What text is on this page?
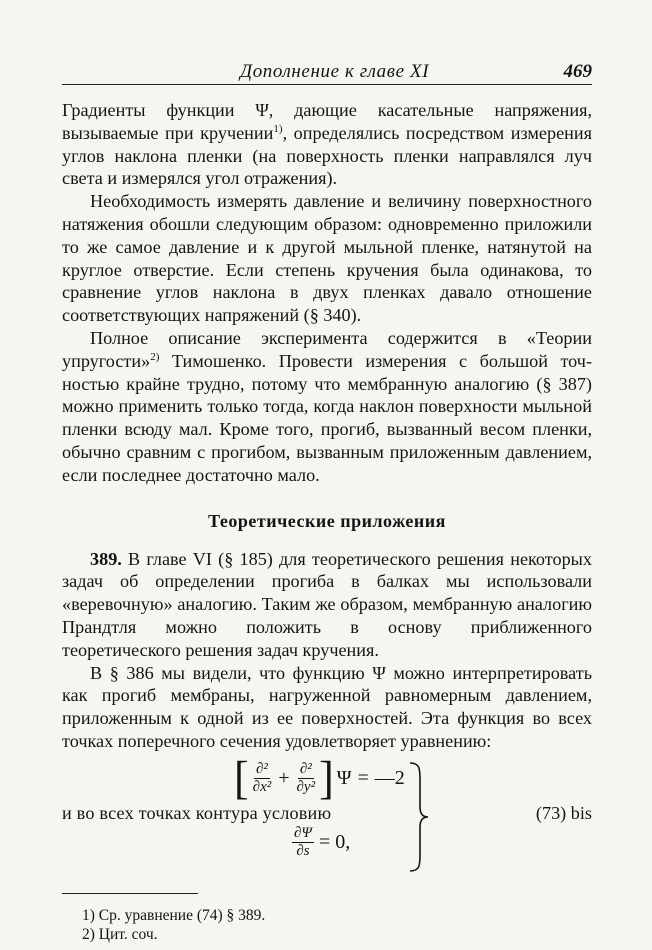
Дополнение к главе XI	469

Градиенты функции Ψ, дающие касательные напряжения, вызываемые при кручении$^{1)}$, определялись посредством измерения углов наклона пленки (на поверхность пленки направлялся луч света и измерялся угол отражения).

Необходимость измерять давление и величину поверхностного натяжения обошли следующим образом: одновременно приложили то же самое давление и к другой мыльной пленке, натянутой на круглое отверстие. Если степень кручения была одинакова, то сравнение углов наклона в двух пленках давало отношение соответствующих напряжений (§ 340).

Полное описание эксперимента содержится в «Теории упругости»$^{2)}$ Тимошенко. Провести измерения с большой точностью крайне трудно, потому что мембранную аналогию (§ 387) можно применить только тогда, когда наклон поверхности мыльной пленки всюду мал. Кроме того, прогиб, вызванный весом пленки, обычно сравним с прогибом, вызванным приложенным давлением, если последнее достаточно мало.

Теоретические приложения

389. В главе VI (§ 185) для теоретического решения некоторых задач об определении прогиба в балках мы использовали «веревочную» аналогию. Таким же образом, мембранную аналогию Прандтля можно положить в основу приближенного теоретического решения задач кручения.

В § 386 мы видели, что функцию Ψ можно интерпретировать как прогиб мембраны, нагруженной равномерным давлением, приложенным к одной из ее поверхностей. Эта функция во всех точках поперечного сечения удовлетворяет уравнению:

[ $\frac{\text{∂²}}{\text{∂x²}} + \frac{\text{∂²}}{\text{∂y²}}$ ] Ψ = —2
и во всех точках контура условию
$\frac{\partial\Psi}{\partial s} = 0$,
(73) bis
1) Ср. уравнение (74) § 389.
2) Цит. соч.
